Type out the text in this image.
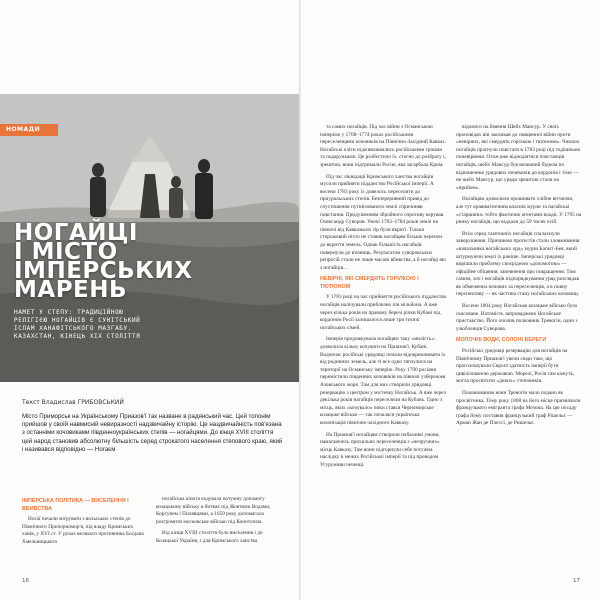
НОМАДИ
НОГАЙЦІ
І МІСТО
ІМПЕРСЬКИХ
МАРЕНЬ

НАМЕТ У СТЕПУ: ТРАДИЦІЙНОЮ
РЕЛІГІЄЮ НОГАЙЦІВ Є СУНІТСЬКИЙ
ІСЛАМ ХАНАФІТСЬКОГО МАЗГАБУ.
КАЗАХСТАН, КІНЕЦЬ XIX СТОЛІТТЯ

Текст Владислав ГРИБОВСЬКИЙ

Місто Приморськ на Українському Приазов'ї так назване в радянський час. Цей топонім прийшов у своїй навмисній невиразності надзвичайну історію. Це наздвичайність пов'язана з останніми кочовиками південноукраїнських степів — ногайцями. До кінця XVIII століття цей народ становив абсолютну більшість серед строкатого населення степового краю, який і називався відповідно — Ногаєм

ІМПЕРСЬКА ПОЛІТИКА — ВИСЕЛЕННЯ І ВБИВСТВА

Ногаї почали мігрувати з вольських степів до Північного Причорномор'я, під владу Кримських ханів, у XVI ст. У руках великого противника Богдана Хмельницького

ногайська кінота кодувала потужну допомогу козацькому війську в битвах під Жовтими Водами, Корсунем і Пилявцями, а 1659 року допомагала розгромити московське військо під Конотопом.

Від кінця XVIII століття було виселення і до Козацької України, і для Кримського ханства

16

та самих ногайців. Під час війни з Османською імперією у 1768–1774 роках російськими переселенцями кочовиків на Північно-Західний Кавказ. Ногайські еліти підживлювались російськими грішми та подарунками. Це розбестило їх, стогно до розбрату і, зрештою, вони підтримали Росію, яка загарбала Крим.

Під час ліквідації Кримського ханства ногайців мусили прийняти підданство Російської імперії. А восени 1783 року їх довелось переселити до приуральських степів. Безпереривний привід до спустошення путінізованого землі спричиняв повстання. Придушенням збройного спротиву керував Олександр Суворов. Уночі 1783–1784 років землі на півночі від Кавказьких гір були вкриті. Тільки сторожовий ніхто не ставив ногайцям більше перепон до вкриття земель. Однак більшість нагайців повернули до в'язниць. Результатом суворовських репресій стали не лише масові вбивства, а й ногайці які з ногайців...

НЕВІРНІ, ЯКІ СМЕРДЯТЬ ГОРІЛКОЮ І ТЮТЮНОМ

У 1783 році на час прийняття російського підданства ногайців налічували приблизно пів мільйона. А вже через кілька років на правому березі річки Кубані під кордоном Росії залишалося лише три тисячі ногайських сімей.

Імперія продовжувала ногайцям таку «милість»: дозволила кільку кочувати на Приазов'ї. Кубані. Водночас російські урядовці почали відокремлювати їх від родинних земель, але ті все одно тягнулися на території на Османську імперію. Року 1790 росіяни перемістили південних кочовиків на півночі узбережжя Азовського моря. Там для них створили урядовці резервацію з центром у містечку Ногайськ. А вже через декілька років нагайців переселили на Кубань. Одно з місць, яких «кочувало» поки стався Черноморське козацьке військо — так почалася українська колонізація північно-західного Кавказу.

На Приазов'ї ногайцям створили побазливі умови, намагаючись прихильно переселенців з «незручних» місць Кавказу. Там вони підгорнули себе потужна наслідку в межах Російської імперії та під проводом Угурумиви чеченці.

відомого на ймення Шейх Мансур. У своїх проповідях він закликав до священної війни проти «невірних, які смердять горілкою і тютюном». Чимало ногайців прагнули повстати в 1783 році під тодішньою поневіряння. Отож вже віднодіятися повстанців ногайців, шейх Мансур був визнаний бідном по відношенню урядових ночевиків до кордонів і тією — не шейх Мансур, що уряди зрештою стали на «прийом».

Ногайцям дозволили прошивати хлібне вітчизни, але тут кравимітичним власнік мурзи та нагайські «старшини» тобто фактично агентами влади. У 1795 на ринку ногайців, що віддали до 59 тисяч осіб.

Втім серед тамтешніх ногайців спалахнули заворушення. Причиною протестів стали зловживання «начальника ногайських орд» мурзи Багаєт-Бея, який штурмуючи землі їх раніше. Імперські урядовці вирішили проблему своєрідною «допомогою» — офіційне обіцяння, запевнення про покращення. Тим самим, хоч і ногайців підпорядкування уряд розглядав як обмежених кочових за переселенців, а в повну перспективу — як частина стану ногайських кочовищ.

Восени 1804 року Ногайське козацьке військо було скасоване. Натомість запроваджено Ногайське приставство. Його очолив полковник Тревогін, один з улюбленців Суворова.

МОЛОЧНІ ВОДИ, СОЛОНІ БЕРЕГИ

Російські урядовці резервацію для ногайців на Північному Приазов'ї увели сюди таке, що проголошували Європі здатність імперії бути цивілізованою державою. Морелі, Росія там кажуть, могла просвітити «диких» степовиків.

Пошанованим вони Тревогін мало подано як просвітника. Тому року 1808 на його місце призначили французького емігранта графа Мезона. На цю посаду графа йому поставив французький граф Рішельє — Арман Жан де Плессі, де Ришельє.

17
